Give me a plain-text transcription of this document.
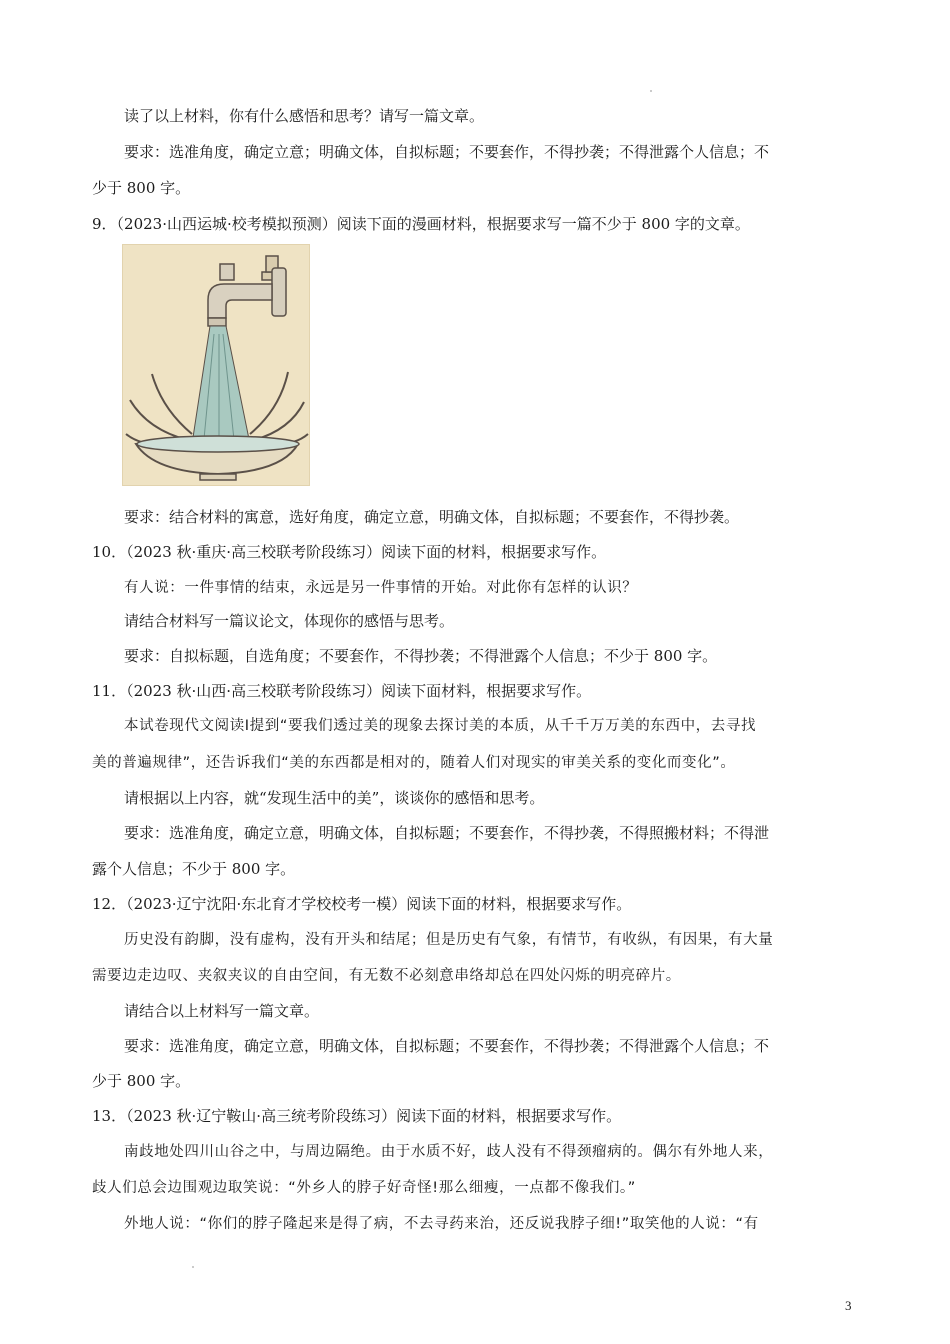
读了以上材料，你有什么感悟和思考？请写一篇文章。
要求：选准角度，确定立意；明确文体，自拟标题；不要套作，不得抄袭；不得泄露个人信息；不
少于 800 字。
9．（2023·山西运城·校考模拟预测）阅读下面的漫画材料，根据要求写一篇不少于 800 字的文章。
要求：结合材料的寓意，选好角度，确定立意，明确文体，自拟标题；不要套作，不得抄袭。
10．（2023 秋·重庆·高三校联考阶段练习）阅读下面的材料，根据要求写作。
有人说：一件事情的结束，永远是另一件事情的开始。对此你有怎样的认识？
请结合材料写一篇议论文，体现你的感悟与思考。
要求：自拟标题，自选角度；不要套作，不得抄袭；不得泄露个人信息；不少于 800 字。
11．（2023 秋·山西·高三校联考阶段练习）阅读下面材料，根据要求写作。
本试卷现代文阅读Ⅰ提到“要我们透过美的现象去探讨美的本质，从千千万万美的东西中，去寻找
美的普遍规律”，还告诉我们“美的东西都是相对的，随着人们对现实的审美关系的变化而变化”。
请根据以上内容，就“发现生活中的美”，谈谈你的感悟和思考。
要求：选准角度，确定立意，明确文体，自拟标题；不要套作，不得抄袭，不得照搬材料；不得泄
露个人信息；不少于 800 字。
12．（2023·辽宁沈阳·东北育才学校校考一模）阅读下面的材料，根据要求写作。
历史没有韵脚，没有虚构，没有开头和结尾；但是历史有气象，有情节，有收纵，有因果，有大量
需要边走边叹、夹叙夹议的自由空间，有无数不必刻意串络却总在四处闪烁的明亮碎片。
请结合以上材料写一篇文章。
要求：选准角度，确定立意，明确文体，自拟标题；不要套作，不得抄袭；不得泄露个人信息；不
少于 800 字。
13．（2023 秋·辽宁鞍山·高三统考阶段练习）阅读下面的材料，根据要求写作。
南歧地处四川山谷之中，与周边隔绝。由于水质不好，歧人没有不得颈瘤病的。偶尔有外地人来，
歧人们总会边围观边取笑说：“外乡人的脖子好奇怪!那么细瘦，一点都不像我们。”
外地人说：“你们的脖子隆起来是得了病，不去寻药来治，还反说我脖子细!”取笑他的人说：“有
3
